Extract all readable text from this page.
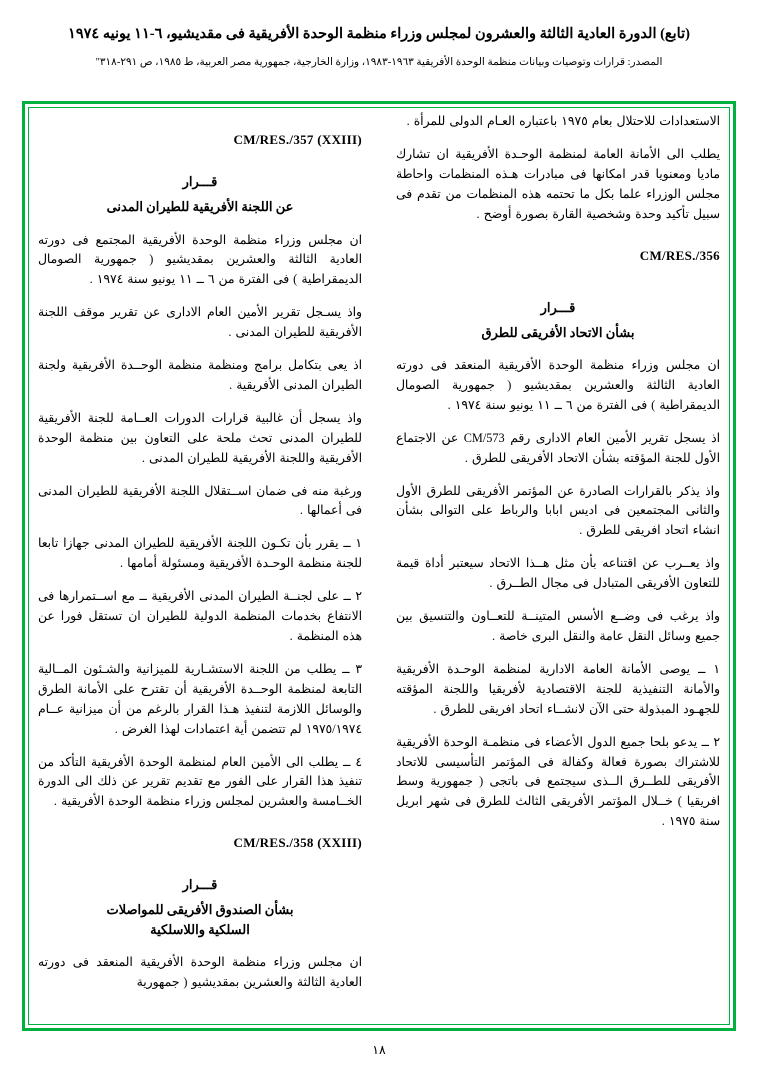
(تابع) الدورة العادية الثالثة والعشرون لمجلس وزراء منظمة الوحدة الأفريقية فى مقديشيو، ٦-١١ يونيه ١٩٧٤
المصدر: قرارات وتوصيات وبيانات منظمة الوحدة الأفريقية ١٩٦٣-١٩٨٣، وزارة الخارجية، جمهورية مصر العربية، ط ١٩٨٥، ص ٢٩١-٣١٨"

الاستعدادات للاحتلال بعام ١٩٧٥ باعتباره العـام الدولى للمرأة .

يطلب الى الأمانة العامة لمنظمة الوحـدة الأفريقية ان تشارك ماديا ومعنويا قدر امكانها فى مبادرات هـذه المنظمات واحاطة مجلس الوزراء علما بكل ما تحتمه هذه المنظمات من تقدم فى سبيل تأكيد وحدة وشخصية القارة بصورة أوضح .

CM/RES./356
قـــرار
بشأن الاتحاد الأفريقى للطرق

ان مجلس وزراء منظمة الوحدة الأفريقية المنعقد فى دورته العادية الثالثة والعشرين بمقديشيو ( جمهورية الصومال الديمقراطية ) فى الفترة من ٦ ــ ١١ يونيو سنة ١٩٧٤ .

اذ يسجل تقرير الأمين العام الادارى رقم CM/573 عن الاجتماع الأول للجنة المؤقته بشأن الاتحاد الأفريقى للطرق .

واذ يذكر بالقرارات الصادرة عن المؤتمر الأفريقى للطرق الأول والثانى المجتمعين فى اديس ابابا والرباط على التوالى بشأن انشاء اتحاد افريقى للطرق .

واذ يعــرب عن اقتناعه بأن مثل هــذا الاتحاد سيعتبر أداة قيمة للتعاون الأفريقى المتبادل فى مجال الطــرق .

واذ يرغب فى وضــع الأسس المتينــة للتعــاون والتنسيق بين جميع وسائل النقل عامة والنقل البرى خاصة .

١ ــ يوصى الأمانة العامة الادارية لمنظمة الوحـدة الأفريقية والأمانة التنفيذية للجنة الاقتصادية لأفريقيا واللجنة المؤقته للجهـود المبذولة حتى الآن لانشــاء اتحاد افريقى للطرق .

٢ ــ يدعو بلحا جميع الدول الأعضاء فى منظمـة الوحدة الأفريقية للاشتراك بصورة فعالة وكفالة فى المؤتمر التأسيسى للاتحاد الأفريقى للطــرق الــذى سيجتمع فى باتجى ( جمهورية وسط افريقيا ) خــلال المؤتمر الأفريقى الثالث للطرق فى شهر ابريل سنة ١٩٧٥ .

CM/RES./357 (XXIII)
قـــرار
عن اللجنة الأفريقية للطيران المدنى

ان مجلس وزراء منظمة الوحدة الأفريقية المجتمع فى دورته العادية الثالثة والعشرين بمقديشيو ( جمهورية الصومال الديمقراطية ) فى الفترة من ٦ ــ ١١ يونيو سنة ١٩٧٤ .

واذ يسـجل تقرير الأمين العام الادارى عن تقرير موقف اللجنة الأفريقية للطيران المدنى .

اذ يعى بتكامل برامج ومنظمة منظمة الوحــدة الأفريقية ولجنة الطيران المدنى الأفريقية .

واذ يسجل أن غالبية قرارات الدورات العــامة للجنة الأفريقية للطيران المدنى تحث ملحة على التعاون بين منظمة الوحدة الأفريقية واللجنة الأفريقية للطيران المدنى .

ورغبة منه فى ضمان اســتقلال اللجنة الأفريقية للطيران المدنى فى أعمالها .

١ ــ يقرر بأن تكـون اللجنة الأفريقية للطيران المدنى جهازا تابعا للجنة منظمة الوحـدة الأفريقية ومسئولة أمامها .

٢ ــ على لجنــة الطيران المدنى الأفريقية ــ مع اســتمرارها فى الانتفاع بخدمات المنظمة الدولية للطيران ان تستقل فورا عن هذه المنظمة .

٣ ــ يطلب من اللجنة الاستشـارية للميزانية والشـئون المــالية التابعة لمنظمة الوحــدة الأفريقية أن تقترح على الأمانة الطرق والوسائل اللازمة لتنفيذ هـذا القرار بالرغم من أن ميزانية عــام ١٩٧٥/١٩٧٤ لم تتضمن أية اعتمادات لهذا الغرض .

٤ ــ يطلب الى الأمين العام لمنظمة الوحدة الأفريقية التأكد من تنفيذ هذا القرار على الفور مع تقديم تقرير عن ذلك الى الدورة الخــامسة والعشرين لمجلس وزراء منظمة الوحدة الأفريقية .

CM/RES./358 (XXIII)
قـــرار
بشأن الصندوق الأفريقى للمواصلات
السلكية واللاسلكية

ان مجلس وزراء منظمة الوحدة الأفريقية المنعقد فى دورته العادية الثالثة والعشرين بمقديشيو ( جمهورية

١٨
